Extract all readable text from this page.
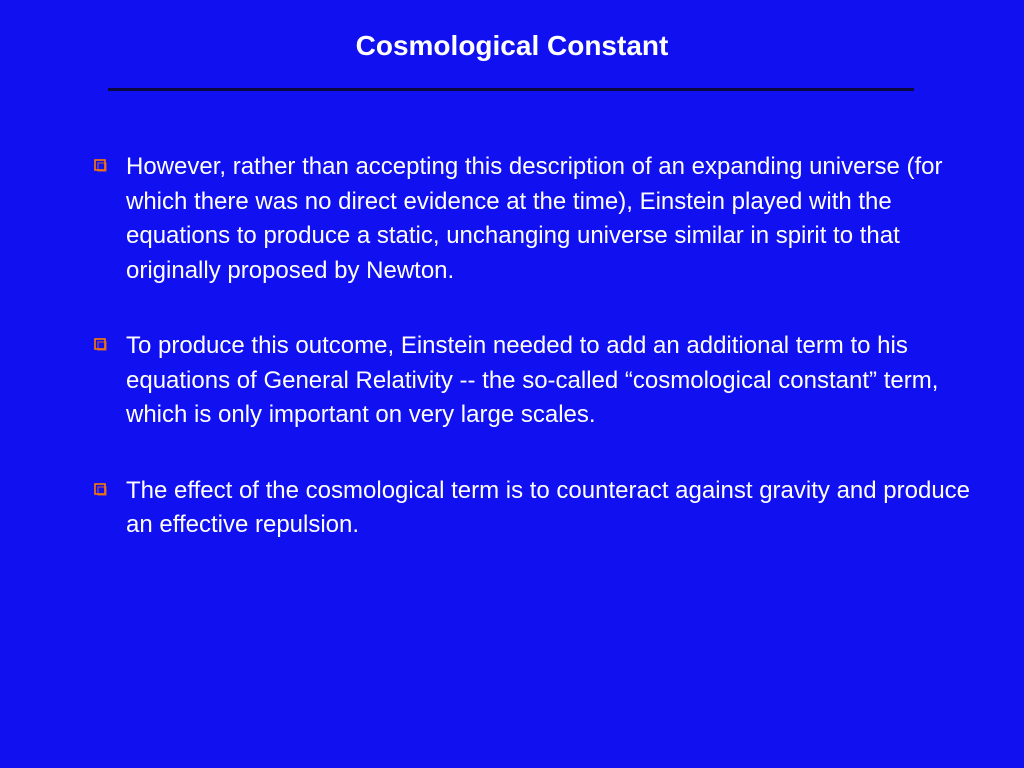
Cosmological Constant
However, rather than accepting this description of an expanding universe (for which there was no direct evidence at the time), Einstein played with the equations to produce a static, unchanging universe similar in spirit to that originally proposed by Newton.
To produce this outcome, Einstein needed to add an additional term to his equations of General Relativity -- the so-called “cosmological constant” term, which is only important on very large scales.
The effect of the cosmological term is to counteract against gravity and produce an effective repulsion.
